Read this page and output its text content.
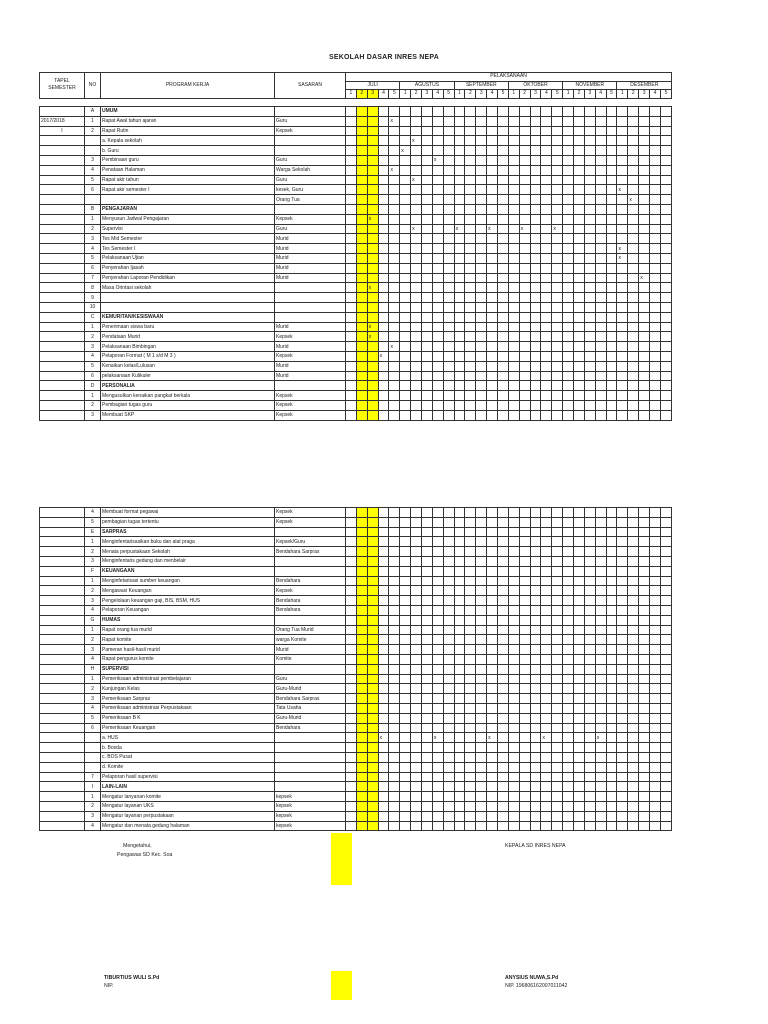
SEKOLAH DASAR INRES NEPA
TAPEL
SEMESTER	NO	PROGRAM KERJA	SASARAN	PELAKSANAAN																													
				JULI					AGUSTUS					SEPTEMBER					OKTOBER					NOVEMBER					DESEMBER				
				1	2	3	4	5	1	2	3	4	5	1	2	3	4	5	1	2	3	4	5	1	2	3	4	5	1	2	3	4	5
	A	UMUM																															
2017/2018	1	Rapat Awal tahun ajaran	Guru					x																									
I	2	Rapat Rutin	Kepsek																														
		a. Kepala sekolah								x																							
		b. Guru							x																								
	3	Pembinaan guru	Guru									x																					
	4	Penataan Halaman	Warga Sekolah					x																									
	5	Rapat akir tahun	Guru							x																							
	6	Rapat akir semester I	kesek, Guru																										x				
			Orang Tua																											x			
	B	PENGAJARAN																															
	1	Menyusun Jadwal Pengajaran	Kepsek			x																											
	2	Supervisi	Guru							x				x			x			x			x										
	3	Tes Mid Semester	Murid																														
	4	Tes Semester I	Murid																										x				
	5	Pelaksanaan Ujian	Murid																										x				
	6	Penyerahan Ijasah	Murid																														
	7	Penyerahan Laporan Pendidikan	Murid																												x		
	8	Masa Orintasi sekolah				x																											
	9																																
	10																																
	C	KEMURITAN/KESISWAAN																															
	1	Penerimaan siswa baru	Murid			x																											
	2	Pendataan Murid	Kepsek			x																											
	3	Pelaksanaan Bimbingan	Murid					x																									
	4	Pelaporan Format ( M 1 s/d M 3 )	Kepsek				x																										
	5	Kenaikan kelas/Lulusan	Murid																														
	6	pelaksanaan Kulikuler	Murid																														
	D	PERSONALIA																															
	1	Mengusulkan kenaikan pangkat berkala	Kepsek																														
	2	Pembagian tugas guru	Kepsek																														
	3	Membuat SKP	Kepsek																														
	4	Membuat format pegawai	Kepsek																														
	5	pembagian tugas tertentu	Kepsek																														
	E	SARPRAS																															
	1	Menginfentarisasikan buku dan alat praga	Kepsek/Guru																														
	2	Menata perpustakaan Sekolah	Bendahara Sarpras																														
	3	Menginfentaris gedung dan menbelair																															
	F	KEUANGAAN																															
	1	Menginfetarisasi sumber keuangan	Bendahara																														
	2	Mengawasi Keuangan	Kepsek																														
	3	Pengelolaan keuangan gaji, BIS, BSM, HUS	Bendahara																														
	4	Pelaporan Keuangan	Bendahara																														
	G	HUMAS																															
	1	Rapat orang tua murid	Orang Tua Murid																														
	2	Rapat komite	warga Komite																														
	3	Pameran hasil-hasil murid	Murid																														
	4	Rapat pengurus komite	Komite																														
	H	SUPERVISI																															
	1	Pemeriksaan administrasi pembelajaran	Guru																														
	2	Kunjungan Kelas	Guru-Murid																														
	3	Pemeriksaan Sarpras	Bendahara Sarpras																														
	4	Pemeriksaan administrasi Perpustakaan	Tata Usaha																														
	5	Pemeriksaan B K	Guru-Murid																														
	6	Pemeriksaan Keuangan	Bendahara																														
		a. HUS					x					x					x					x					x						
		b. Bosda																															
		c. BOS Pusat																															
		d. Komite																															
	7	Pelaporan hasil supervisi																															
	I	LAIN-LAIN																															
	1	Mengatur lanyanan komite	kepsek																														
	2	Mengatur layanan UKS	kepsek																														
	3	Mengatur layanan perpustakaan	kepsek																														
	4	Mengatur dan menata gedung halaman	kepsek																														
Mengetahui,
Pengawas SD Kec. Soa
KEPALA SD INRES NEPA
TIBURTIUS WULI S.Pd
NIP.
ANYSIUS NUWA,S.Pd
NIP. 196806162007011042
